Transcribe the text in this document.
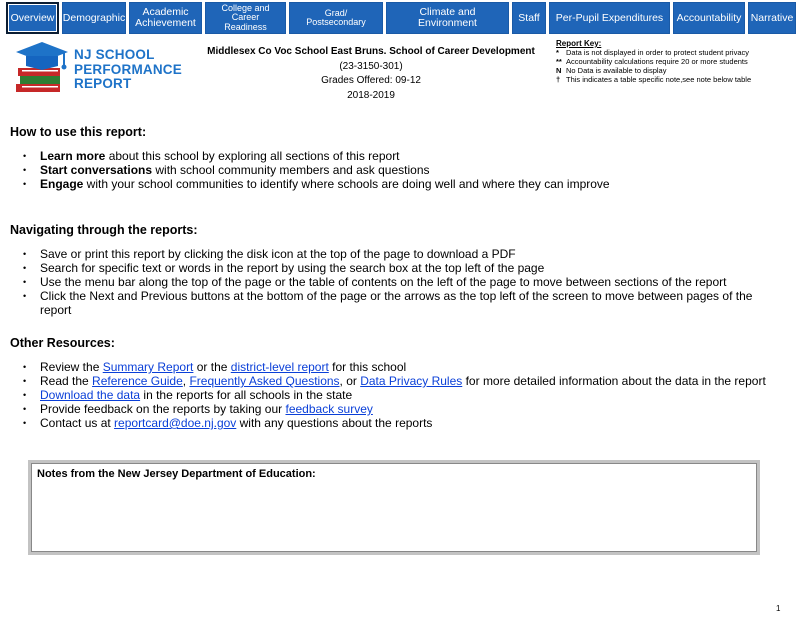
Overview Demographic	Academic
Achievement
College and
Career
Readiness
Grad/
Postsecondary
Climate and
Environment	Staff	Per-Pupil Expenditures	Accountability Narrative
NJ SCHOOL
PERFORMANCE
REPORT
Middlesex Co Voc School East Bruns. School of Career Development
(23-3150-301)
Grades Offered: 09-12
2018-2019
Report Key:
* Data is not displayed in order to protect student privacy
** Accountability calculations require 20 or more students
N No Data is available to display
† This indicates a table specific note,see note below table
How to use this report:
• Learn more about this school by exploring all sections of this report
• Start conversations with school community members and ask questions
• Engage with your school communities to identify where schools are doing well and where they can improve
Navigating through the reports:
• Save or print this report by clicking the disk icon at the top of the page to download a PDF
• Search for specific text or words in the report by using the search box at the top left of the page
• Use the menu bar along the top of the page or the table of contents on the left of the page to move between sections of the report
• Click the Next and Previous buttons at the bottom of the page or the arrows as the top left of the screen to move between pages of the report
Other Resources:
• Review the Summary Report or the district-level report for this school
• Read the Reference Guide, Frequently Asked Questions, or Data Privacy Rules for more detailed information about the data in the report
• Download the data in the reports for all schools in the state
• Provide feedback on the reports by taking our feedback survey
• Contact us at reportcard@doe.nj.gov with any questions about the reports
Notes from the New Jersey Department of Education:
1
